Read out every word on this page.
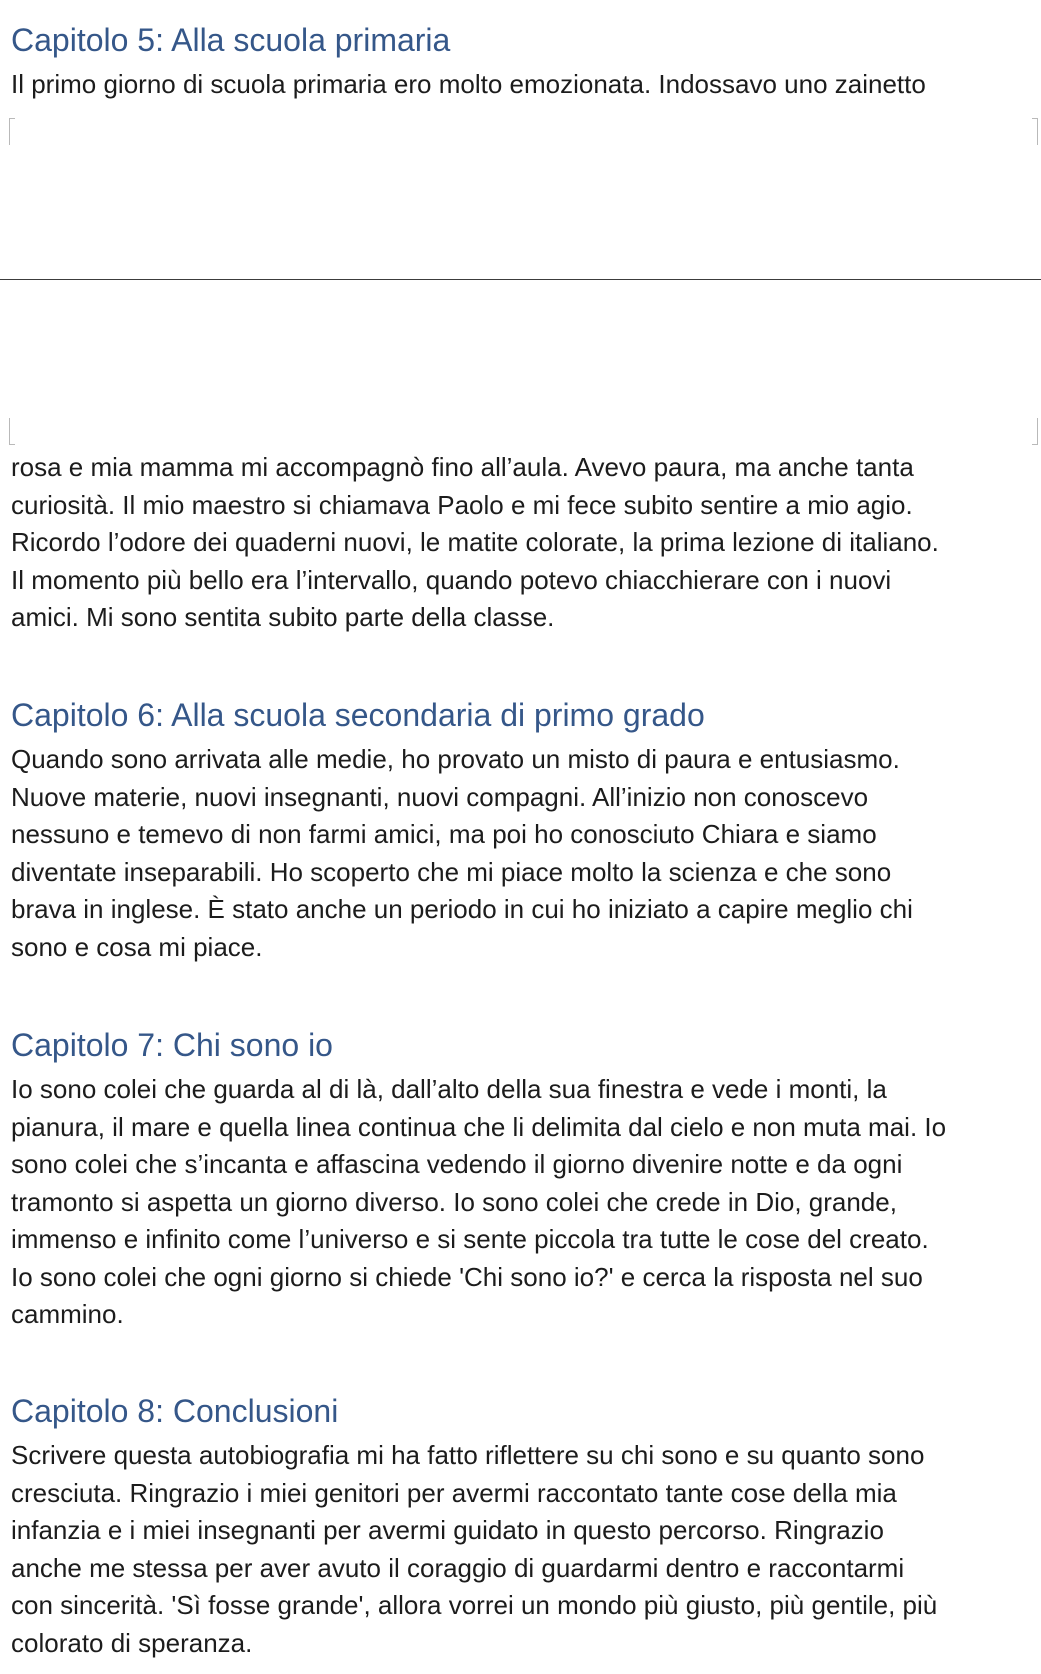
Capitolo 5: Alla scuola primaria

Il primo giorno di scuola primaria ero molto emozionata. Indossavo uno zainetto

rosa e mia mamma mi accompagnò fino all’aula. Avevo paura, ma anche tanta
curiosità. Il mio maestro si chiamava Paolo e mi fece subito sentire a mio agio.
Ricordo l’odore dei quaderni nuovi, le matite colorate, la prima lezione di italiano.
Il momento più bello era l’intervallo, quando potevo chiacchierare con i nuovi
amici. Mi sono sentita subito parte della classe.

Capitolo 6: Alla scuola secondaria di primo grado

Quando sono arrivata alle medie, ho provato un misto di paura e entusiasmo.
Nuove materie, nuovi insegnanti, nuovi compagni. All’inizio non conoscevo
nessuno e temevo di non farmi amici, ma poi ho conosciuto Chiara e siamo
diventate inseparabili. Ho scoperto che mi piace molto la scienza e che sono
brava in inglese. È stato anche un periodo in cui ho iniziato a capire meglio chi
sono e cosa mi piace.

Capitolo 7: Chi sono io

Io sono colei che guarda al di là, dall’alto della sua finestra e vede i monti, la
pianura, il mare e quella linea continua che li delimita dal cielo e non muta mai. Io
sono colei che s’incanta e affascina vedendo il giorno divenire notte e da ogni
tramonto si aspetta un giorno diverso. Io sono colei che crede in Dio, grande,
immenso e infinito come l’universo e si sente piccola tra tutte le cose del creato.
Io sono colei che ogni giorno si chiede 'Chi sono io?' e cerca la risposta nel suo
cammino.

Capitolo 8: Conclusioni

Scrivere questa autobiografia mi ha fatto riflettere su chi sono e su quanto sono
cresciuta. Ringrazio i miei genitori per avermi raccontato tante cose della mia
infanzia e i miei insegnanti per avermi guidato in questo percorso. Ringrazio
anche me stessa per aver avuto il coraggio di guardarmi dentro e raccontarmi
con sincerità. 'Sì fosse grande', allora vorrei un mondo più giusto, più gentile, più
colorato di speranza.
